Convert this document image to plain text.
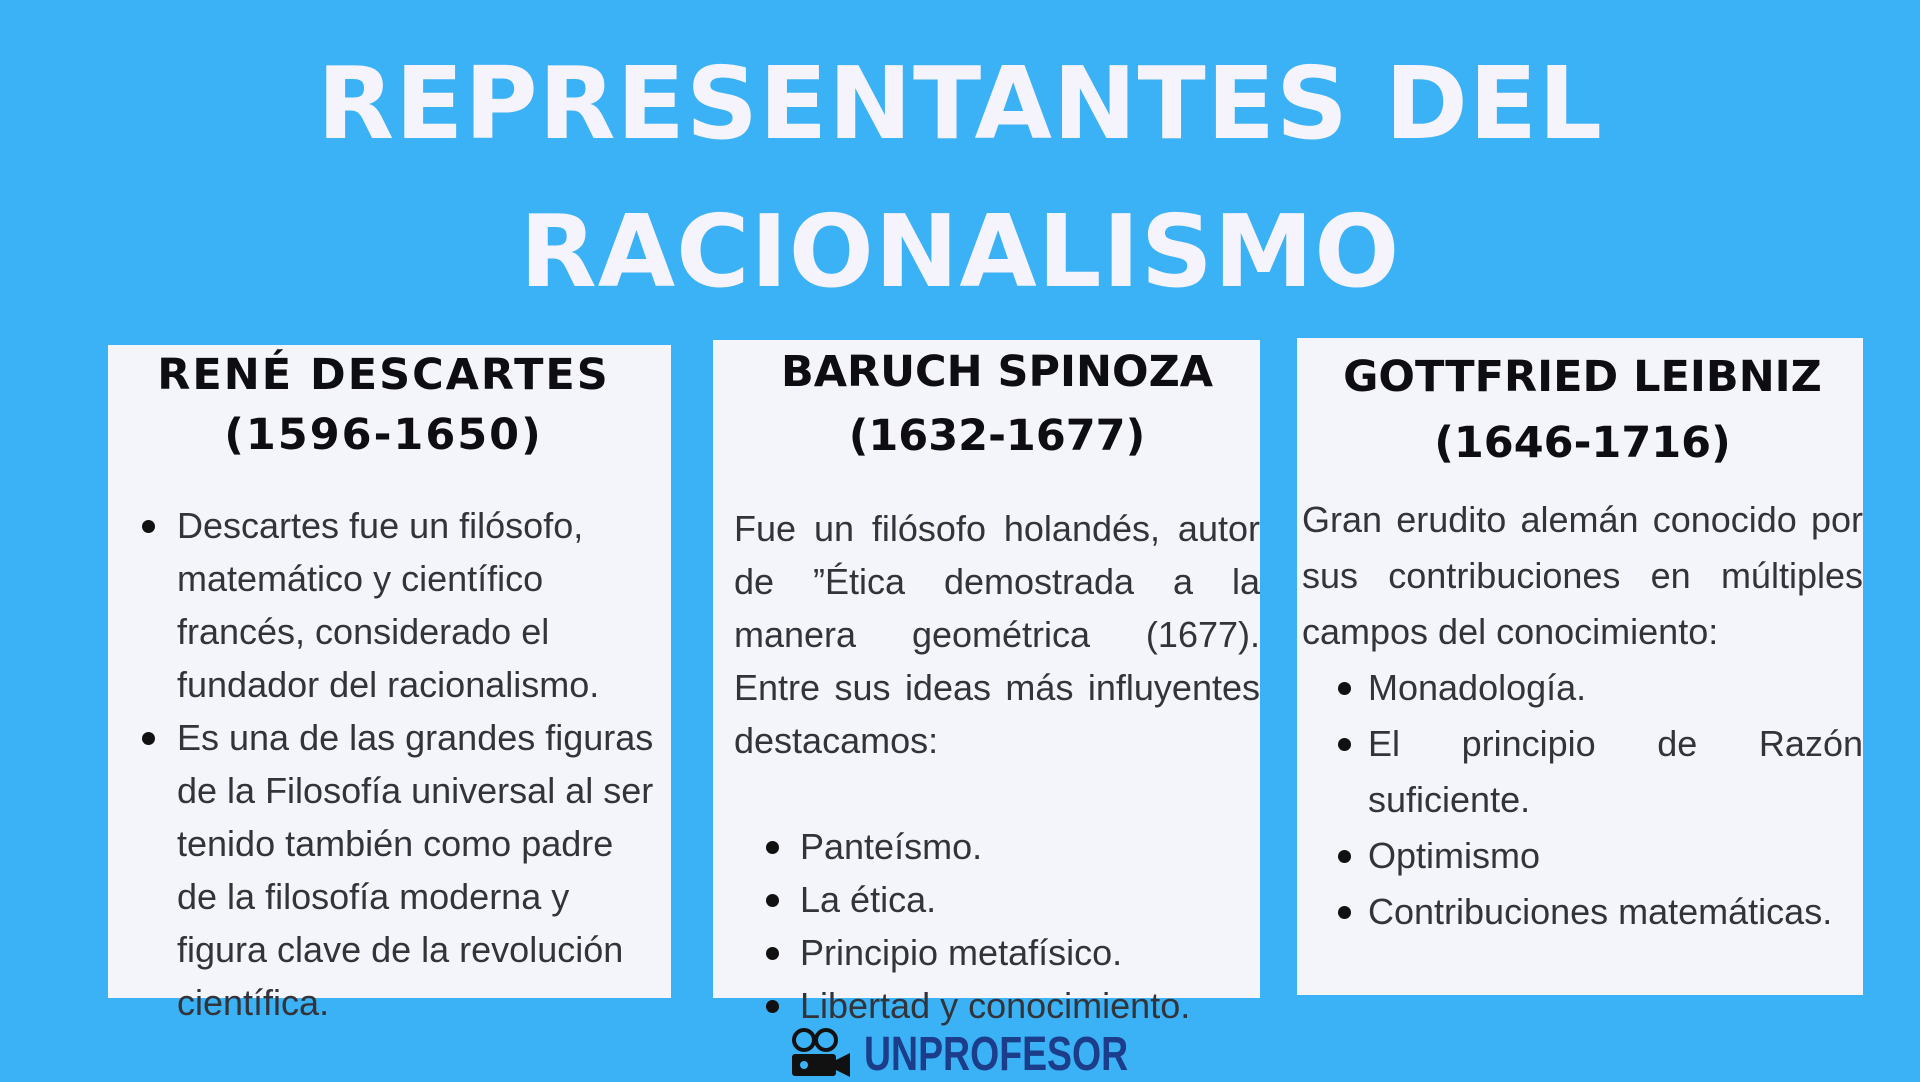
REPRESENTANTES DEL
RACIONALISMO
RENÉ DESCARTES
(1596-1650)
Descartes fue un filósofo, matemático y científico francés, considerado el fundador del racionalismo.
Es una de las grandes figuras de la Filosofía universal al ser tenido también como padre de la filosofía moderna y figura clave de la revolución científica.
BARUCH SPINOZA
(1632-1677)
Fue un filósofo holandés, autor de ”Ética demostrada a la manera geométrica (1677). Entre sus ideas más influyentes destacamos:
Panteísmo.
La ética.
Principio metafísico.
Libertad y conocimiento.
GOTTFRIED LEIBNIZ
(1646-1716)
Gran erudito alemán conocido por sus contribuciones en múltiples campos del conocimiento:
Monadología.
El principio de Razón suficiente.
Optimismo
Contribuciones matemáticas.
UNPROFESOR
